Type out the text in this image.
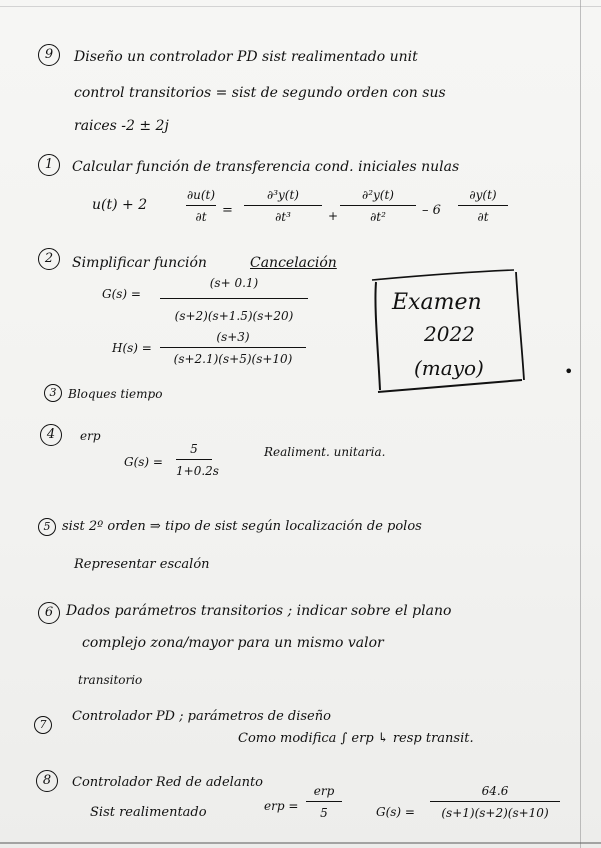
9	Diseño un controlador PD sist realimentado unit
control transitorios = sist de segundo orden con sus
raices -2 ± 2j
1	Calcular función de transferencia cond. iniciales nulas
u(t) + 2
∂u(t)
∂t	=
∂³y(t)
∂t³	+
∂²y(t)
∂t²	– 6
∂y(t)
∂t
2	Simplificar función	Cancelación
G(s) =
(s+ 0.1)
(s+2)(s+1.5)(s+20)
H(s) =
(s+3)
(s+2.1)(s+5)(s+10)
Examen
2022
(mayo)
3 Bloques tiempo
4	erp
G(s) =
5
1+0.2s
Realiment. unitaria.
5 sist 2º orden ⇒ tipo de sist según localización de polos
Representar escalón
6 Dados parámetros transitorios ; indicar sobre el plano
complejo zona/mayor para un mismo valor
transitorio
7
Controlador PD ; parámetros de diseño
Como modifica ∫ erp ↳ resp transit.
8	Controlador Red de adelanto
Sist realimentado	erp =
erp
5	G(s) =
64.6
(s+1)(s+2)(s+10)
•
